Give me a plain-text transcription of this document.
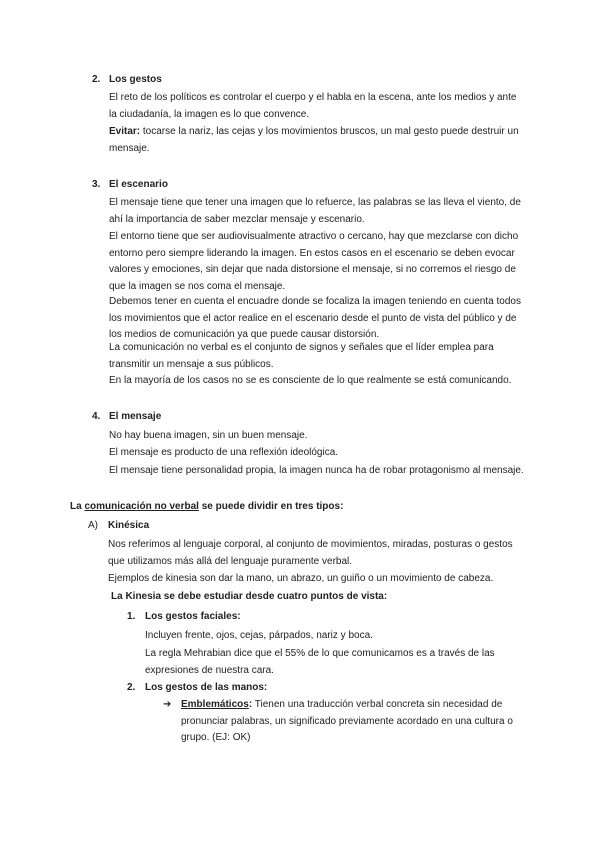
2. Los gestos
El reto de los políticos es controlar el cuerpo y el habla en la escena, ante los medios y ante la ciudadanía, la imagen es lo que convence.
Evitar: tocarse la nariz, las cejas y los movimientos bruscos, un mal gesto puede destruir un mensaje.
3. El escenario
El mensaje tiene que tener una imagen que lo refuerce, las palabras se las lleva el viento, de ahí la importancia de saber mezclar mensaje y escenario.
El entorno tiene que ser audiovisualmente atractivo o cercano, hay que mezclarse con dicho entorno pero siempre liderando la imagen. En estos casos en el escenario se deben evocar valores y emociones, sin dejar que nada distorsione el mensaje, si no corremos el riesgo de que la imagen se nos coma el mensaje.
Debemos tener en cuenta el encuadre donde se focaliza la imagen teniendo en cuenta todos los movimientos que el actor realice en el escenario desde el punto de vista del público y de los medios de comunicación ya que puede causar distorsión.
La comunicación no verbal es el conjunto de signos y señales que el líder emplea para transmitir un mensaje a sus públicos.
En la mayoría de los casos no se es consciente de lo que realmente se está comunicando.
4. El mensaje
No hay buena imagen, sin un buen mensaje.
El mensaje es producto de una reflexión ideológica.
El mensaje tiene personalidad propia, la imagen nunca ha de robar protagonismo al mensaje.
La comunicación no verbal se puede dividir en tres tipos:
A) Kinésica
Nos referimos al lenguaje corporal, al conjunto de movimientos, miradas, posturas o gestos que utilizamos más allá del lenguaje puramente verbal.
Ejemplos de kinesia son dar la mano, un abrazo, un guiño o un movimiento de cabeza.
La Kinesia se debe estudiar desde cuatro puntos de vista:
1. Los gestos faciales:
Incluyen frente, ojos, cejas, párpados, nariz y boca.
La regla Mehrabian dice que el 55% de lo que comunicamos es a través de las expresiones de nuestra cara.
2. Los gestos de las manos:
➔ Emblemáticos: Tienen una traducción verbal concreta sin necesidad de pronunciar palabras, un significado previamente acordado en una cultura o grupo. (EJ: OK)
